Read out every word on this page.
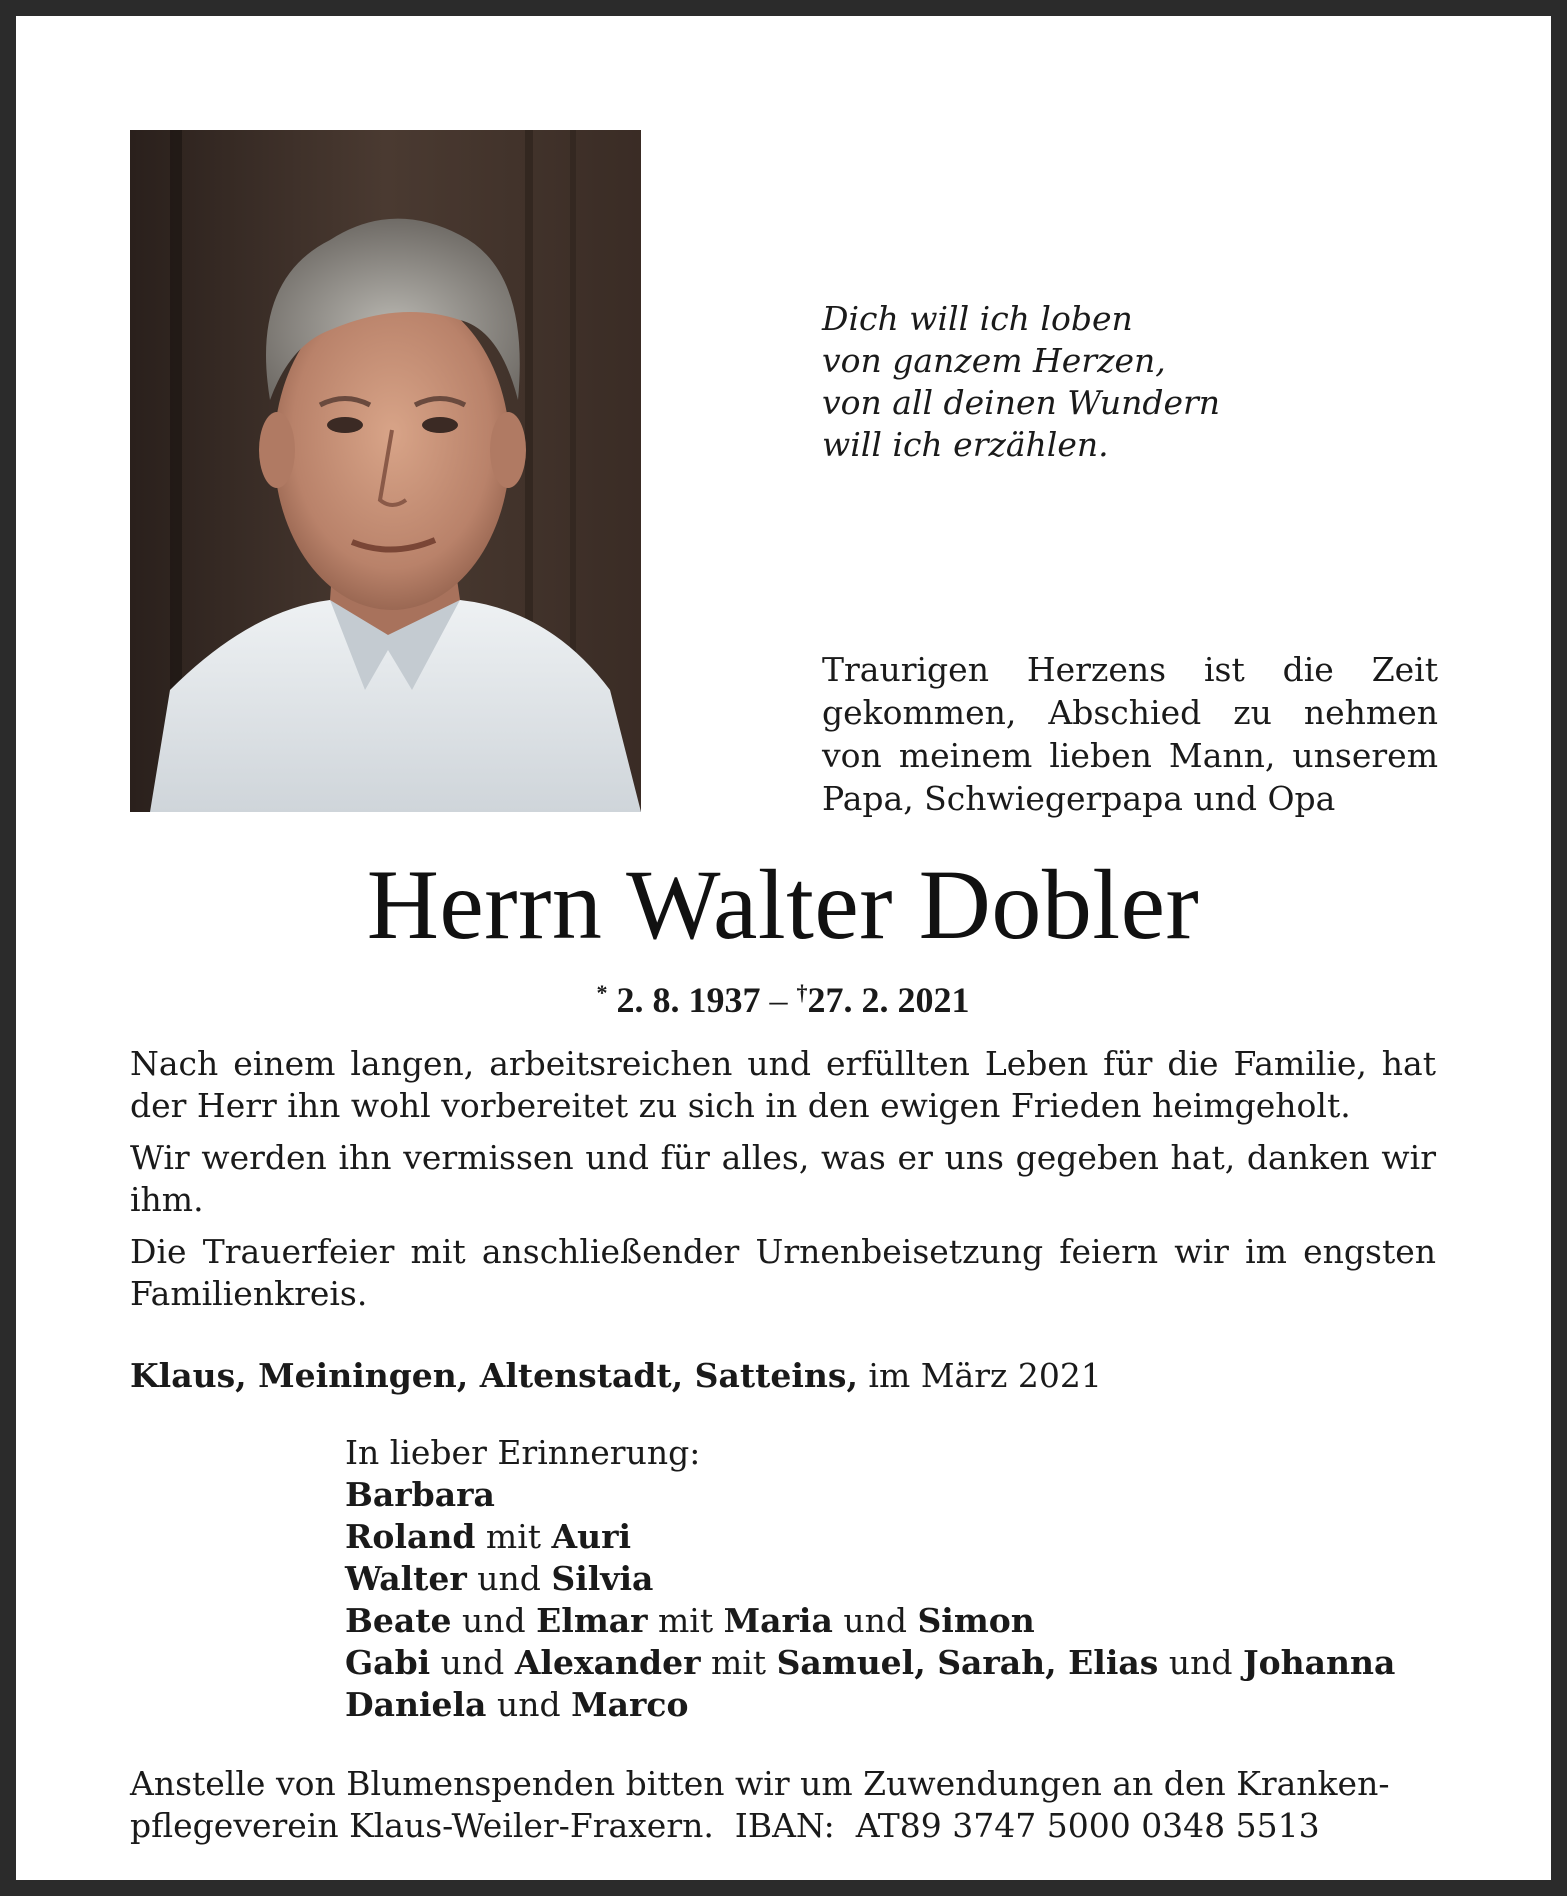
Dich will ich loben
von ganzem Herzen,
von all deinen Wundern
will ich erzählen.
Traurigen Herzens ist die Zeit gekommen, Abschied zu nehmen von meinem lieben Mann, unserem Papa, Schwiegerpapa und Opa
Herrn Walter Dobler
* 2. 8. 1937 – †27. 2. 2021

Nach einem langen, arbeitsreichen und erfüllten Leben für die Familie, hat der Herr ihn wohl vorbereitet zu sich in den ewigen Frieden heimgeholt.

Wir werden ihn vermissen und für alles, was er uns gegeben hat, danken wir ihm.

Die Trauerfeier mit anschließender Urnenbeisetzung feiern wir im engsten Familienkreis.

Klaus, Meiningen, Altenstadt, Satteins, im März 2021
In lieber Erinnerung:
Barbara
Roland mit Auri
Walter und Silvia
Beate und Elmar mit Maria und Simon
Gabi und Alexander mit Samuel, Sarah, Elias und Johanna
Daniela und Marco
Anstelle von Blumenspenden bitten wir um Zuwendungen an den Kranken-
pflegeverein Klaus-Weiler-Fraxern.  IBAN:  AT89 3747 5000 0348 5513
